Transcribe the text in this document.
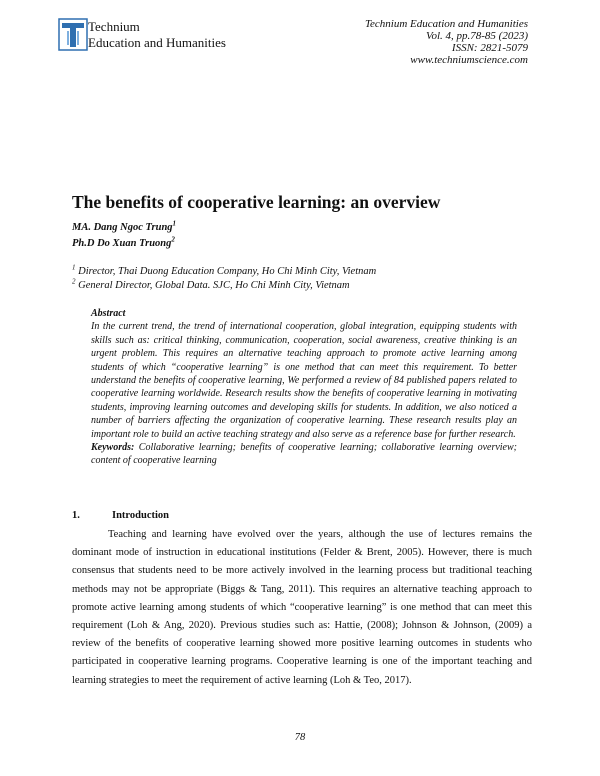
Technium
Education and Humanities
Technium Education and Humanities
Vol. 4, pp.78-85 (2023)
ISSN: 2821-5079
www.techniumscience.com
The benefits of cooperative learning: an overview
MA. Dang Ngoc Trung$^1$
Ph.D Do Xuan Truong$^2$
$^1$ Director, Thai Duong Education Company, Ho Chi Minh City, Vietnam
$^2$ General Director, Global Data. SJC, Ho Chi Minh City, Vietnam
Abstract

In the current trend, the trend of international cooperation, global integration, equipping students with skills such as: critical thinking, communication, cooperation, social awareness, creative thinking is an urgent problem. This requires an alternative teaching approach to promote active learning among students of which “cooperative learning” is one method that can meet this requirement. To better understand the benefits of cooperative learning, We performed a review of 84 published papers related to cooperative learning worldwide. Research results show the benefits of cooperative learning in motivating students, improving learning outcomes and developing skills for students. In addition, we also noticed a number of barriers affecting the organization of cooperative learning. These research results play an important role to build an active teaching strategy and also serve as a reference base for further research.

Keywords: Collaborative learning; benefits of cooperative learning; collaborative learning overview; content of cooperative learning

1.	Introduction

Teaching and learning have evolved over the years, although the use of lectures remains the dominant mode of instruction in educational institutions (Felder & Brent, 2005). However, there is much consensus that students need to be more actively involved in the learning process but traditional teaching methods may not be appropriate (Biggs & Tang, 2011). This requires an alternative teaching approach to promote active learning among students of which “cooperative learning” is one method that can meet this requirement (Loh & Ang, 2020). Previous studies such as: Hattie, (2008); Johnson & Johnson, (2009) a review of the benefits of cooperative learning showed more positive learning outcomes in students who participated in cooperative learning programs. Cooperative learning is one of the important teaching and learning strategies to meet the requirement of active learning (Loh & Teo, 2017).

78
